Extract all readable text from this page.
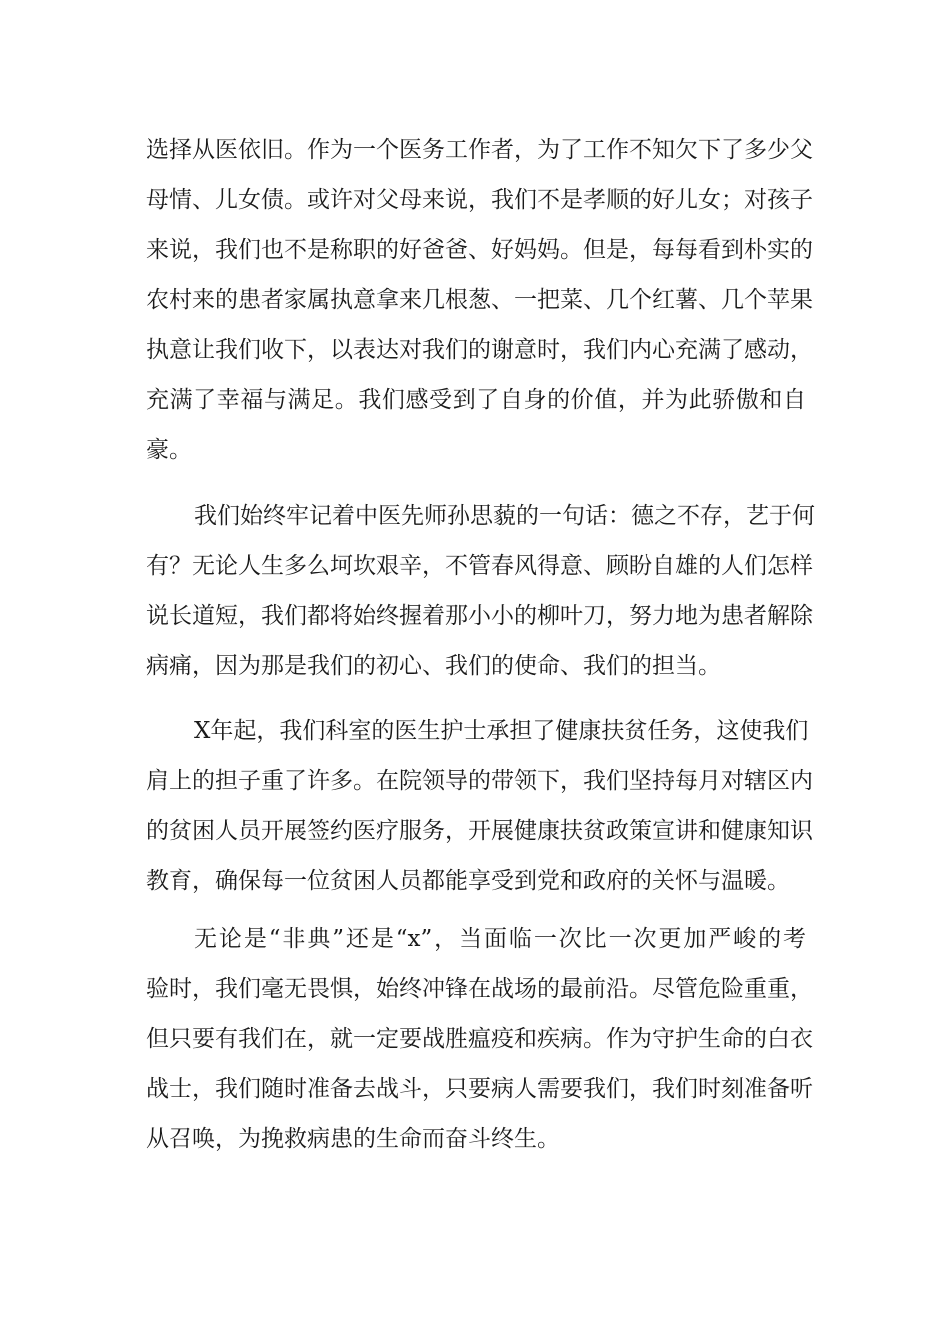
选择从医依旧。作为一个医务工作者，为了工作不知欠下了多少父
母情、儿女债。或许对父母来说，我们不是孝顺的好儿女；对孩子
来说，我们也不是称职的好爸爸、好妈妈。但是，每每看到朴实的
农村来的患者家属执意拿来几根葱、一把菜、几个红薯、几个苹果
执意让我们收下，以表达对我们的谢意时，我们内心充满了感动，
充满了幸福与满足。我们感受到了自身的价值，并为此骄傲和自
豪。
我们始终牢记着中医先师孙思藐的一句话：德之不存，艺于何
有？无论人生多么坷坎艰辛，不管春风得意、顾盼自雄的人们怎样
说长道短，我们都将始终握着那小小的柳叶刀，努力地为患者解除
病痛，因为那是我们的初心、我们的使命、我们的担当。
X年起，我们科室的医生护士承担了健康扶贫任务，这使我们
肩上的担子重了许多。在院领导的带领下，我们坚持每月对辖区内
的贫困人员开展签约医疗服务，开展健康扶贫政策宣讲和健康知识
教育，确保每一位贫困人员都能享受到党和政府的关怀与温暖。
无论是“非典”还是“x”，当面临一次比一次更加严峻的考
验时，我们毫无畏惧，始终冲锋在战场的最前沿。尽管危险重重，
但只要有我们在，就一定要战胜瘟疫和疾病。作为守护生命的白衣
战士，我们随时准备去战斗，只要病人需要我们，我们时刻准备听
从召唤，为挽救病患的生命而奋斗终生。
